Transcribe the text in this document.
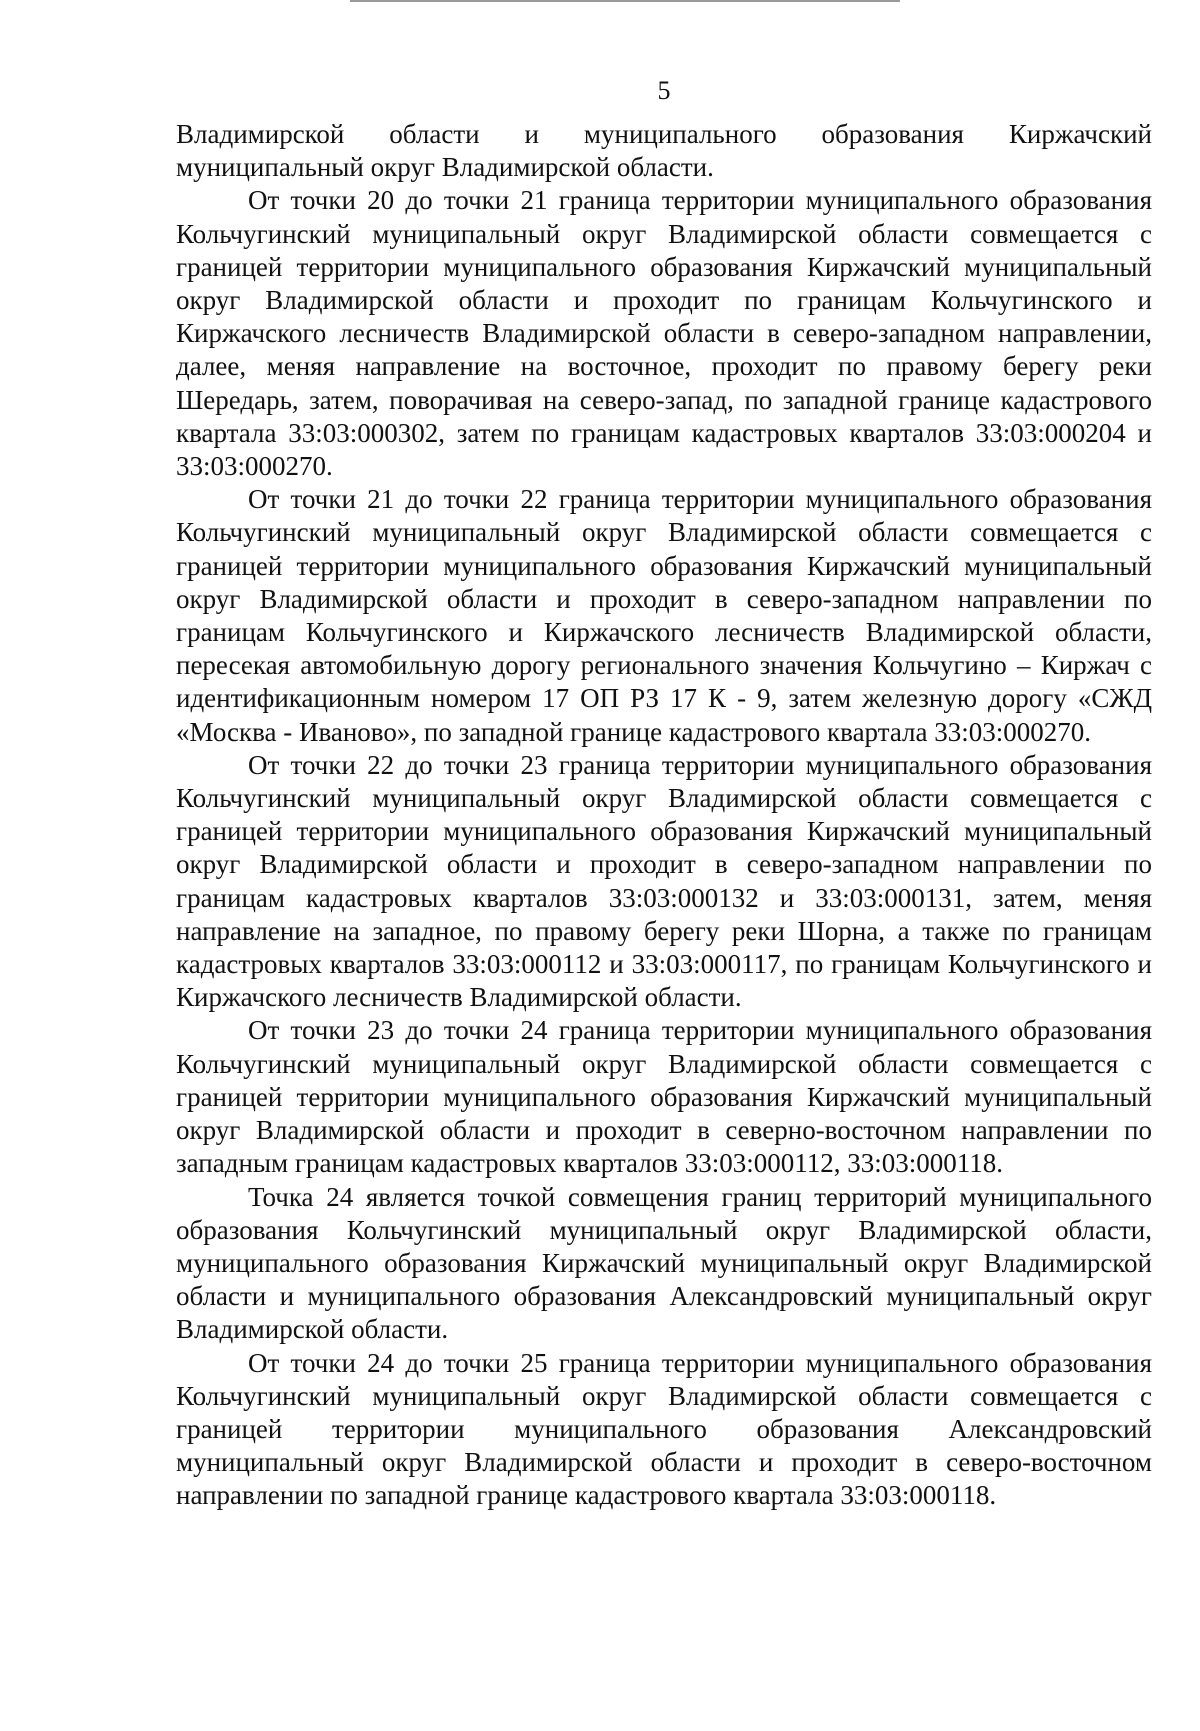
5

Владимирской области и муниципального образования Киржачский муниципальный округ Владимирской области.

От точки 20 до точки 21 граница территории муниципального образования Кольчугинский муниципальный округ Владимирской области совмещается с границей территории муниципального образования Киржачский муниципальный округ Владимирской области и проходит по границам Кольчугинского и Киржачского лесничеств Владимирской области в северо-западном направлении, далее, меняя направление на восточное, проходит по правому берегу реки Шередарь, затем, поворачивая на северо-запад, по западной границе кадастрового квартала 33:03:000302, затем по границам кадастровых кварталов 33:03:000204 и 33:03:000270.

От точки 21 до точки 22 граница территории муниципального образования Кольчугинский муниципальный округ Владимирской области совмещается с границей территории муниципального образования Киржачский муниципальный округ Владимирской области и проходит в северо-западном направлении по границам Кольчугинского и Киржачского лесничеств Владимирской области, пересекая автомобильную дорогу регионального значения Кольчугино – Киржач с идентификационным номером 17 ОП РЗ 17 К - 9, затем железную дорогу «СЖД «Москва - Иваново», по западной границе кадастрового квартала 33:03:000270.

От точки 22 до точки 23 граница территории муниципального образования Кольчугинский муниципальный округ Владимирской области совмещается с границей территории муниципального образования Киржачский муниципальный округ Владимирской области и проходит в северо-западном направлении по границам кадастровых кварталов 33:03:000132 и 33:03:000131, затем, меняя направление на западное, по правому берегу реки Шорна, а также по границам кадастровых кварталов 33:03:000112 и 33:03:000117, по границам Кольчугинского и Киржачского лесничеств Владимирской области.

От точки 23 до точки 24 граница территории муниципального образования Кольчугинский муниципальный округ Владимирской области совмещается с границей территории муниципального образования Киржачский муниципальный округ Владимирской области и проходит в северно-восточном направлении по западным границам кадастровых кварталов 33:03:000112, 33:03:000118.

Точка 24 является точкой совмещения границ территорий муниципального образования Кольчугинский муниципальный округ Владимирской области, муниципального образования Киржачский муниципальный округ Владимирской области и муниципального образования Александровский муниципальный округ Владимирской области.

От точки 24 до точки 25 граница территории муниципального образования Кольчугинский муниципальный округ Владимирской области совмещается с границей территории муниципального образования Александровский муниципальный округ Владимирской области и проходит в северо-восточном направлении по западной границе кадастрового квартала 33:03:000118.
